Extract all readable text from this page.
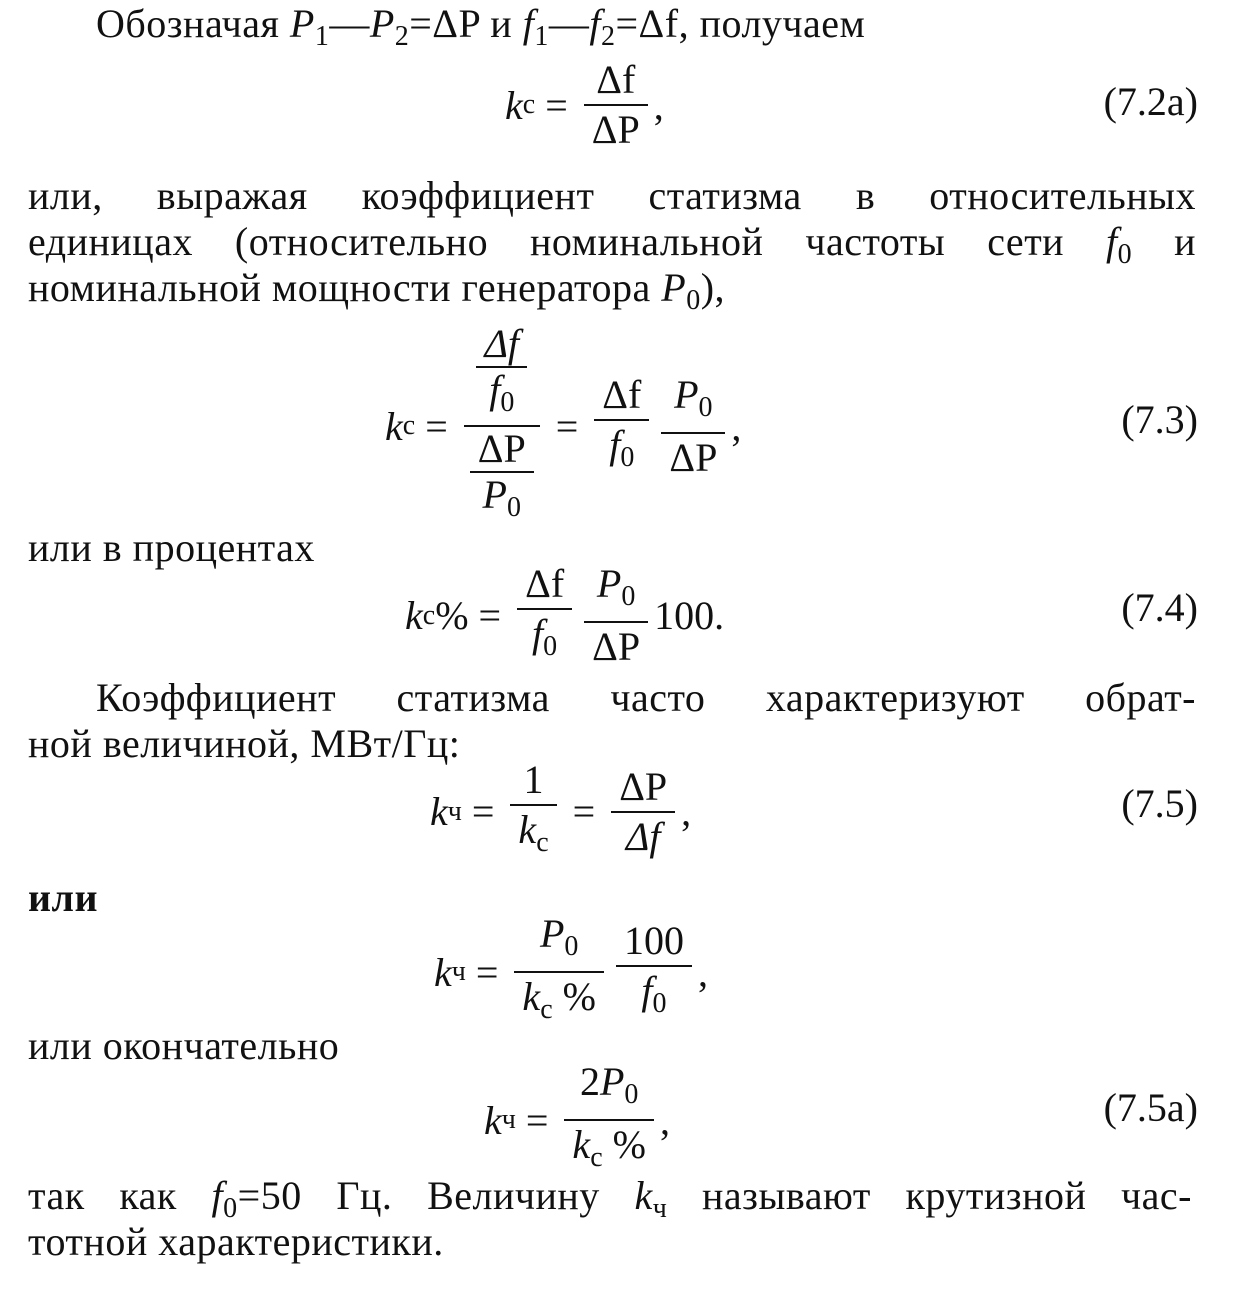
Обозначая $P_1—P_2=\Delta P$ и $f_1—f_2=\Delta f$, получаем
k $с = \frac{\Delta f}{\Delta P}$ ,	(7.2а)
или, выражая коэффициент статизма в относительных
единицах (относительно номинальной частоты сети $f_0$ и
номинальной мощности генератора $P_0$),
k $с = \frac{\frac{\Delta f}{f_0}}{\frac{\Delta P}{P_0}} = \frac{\Delta f}{f_0} \frac{P_0}{\Delta P}$ ,	(7.3)
или в процентах
k с % = $\frac{\Delta f}{f_0} \frac{P_0}{\Delta P} 100$.	(7.4)
Коэффициент статизма часто характеризуют обрат-
ной величиной, МВт/Гц:
k $ч = \frac{1}{k_с} = \frac{\Delta P}{\Delta f}$ ,	(7.5)
или
k $ч = \frac{P_0}{k_с \%} \frac{100}{f_0}$ ,
или окончательно
k $ч = \frac{2P_0}{k_с \%}$ ,	(7.5а)
так как $f_0=50$ Гц. Величину $k_ч$ называют крутизной час-
тотной характеристики.
